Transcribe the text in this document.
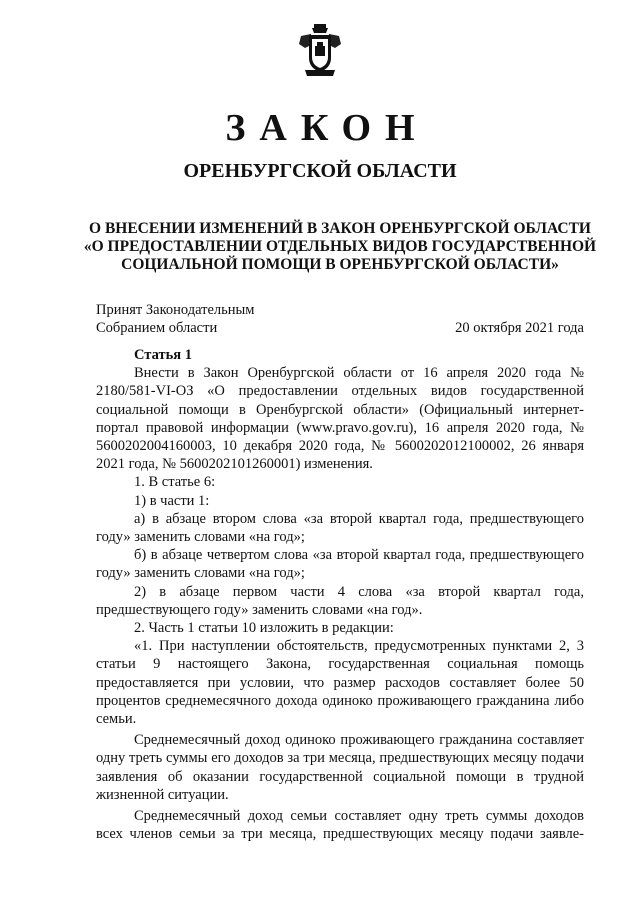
ЗАКОН
ОРЕНБУРГСКОЙ ОБЛАСТИ
О ВНЕСЕНИИ ИЗМЕНЕНИЙ В ЗАКОН ОРЕНБУРГСКОЙ ОБЛАСТИ
«О ПРЕДОСТАВЛЕНИИ ОТДЕЛЬНЫХ ВИДОВ ГОСУДАРСТВЕННОЙ
СОЦИАЛЬНОЙ ПОМОЩИ В ОРЕНБУРГСКОЙ ОБЛАСТИ»
Принят Законодательным
Собранием области	20 октября 2021 года

Статья 1

Внести в Закон Оренбургской области от 16 апреля 2020 года № 2180/581-VI-ОЗ «О предоставлении отдельных видов государственной социальной помощи в Оренбургской области» (Официальный интернет-портал правовой информации (www.pravo.gov.ru), 16 апреля 2020 года, № 5600202004160003, 10 декабря 2020 года, № 5600202012100002, 26 января 2021 года, № 5600202101260001) изменения.

1. В статье 6:

1) в части 1:

а) в абзаце втором слова «за второй квартал года, предшествующего году» заменить словами «на год»;

б) в абзаце четвертом слова «за второй квартал года, предшествующего году» заменить словами «на год»;

2) в абзаце первом части 4 слова «за второй квартал года, предшествующего году» заменить словами «на год».

2. Часть 1 статьи 10 изложить в редакции:

«1. При наступлении обстоятельств, предусмотренных пунктами 2, 3 статьи 9 настоящего Закона, государственная социальная помощь предоставляется при условии, что размер расходов составляет более 50 процентов среднемесячного дохода одиноко проживающего гражданина либо семьи.

Среднемесячный доход одиноко проживающего гражданина составляет одну треть суммы его доходов за три месяца, предшествующих месяцу подачи заявления об оказании государственной социальной помощи в трудной жизненной ситуации.

Среднемесячный доход семьи составляет одну треть суммы доходов всех членов семьи за три месяца, предшествующих месяцу подачи заявле-
